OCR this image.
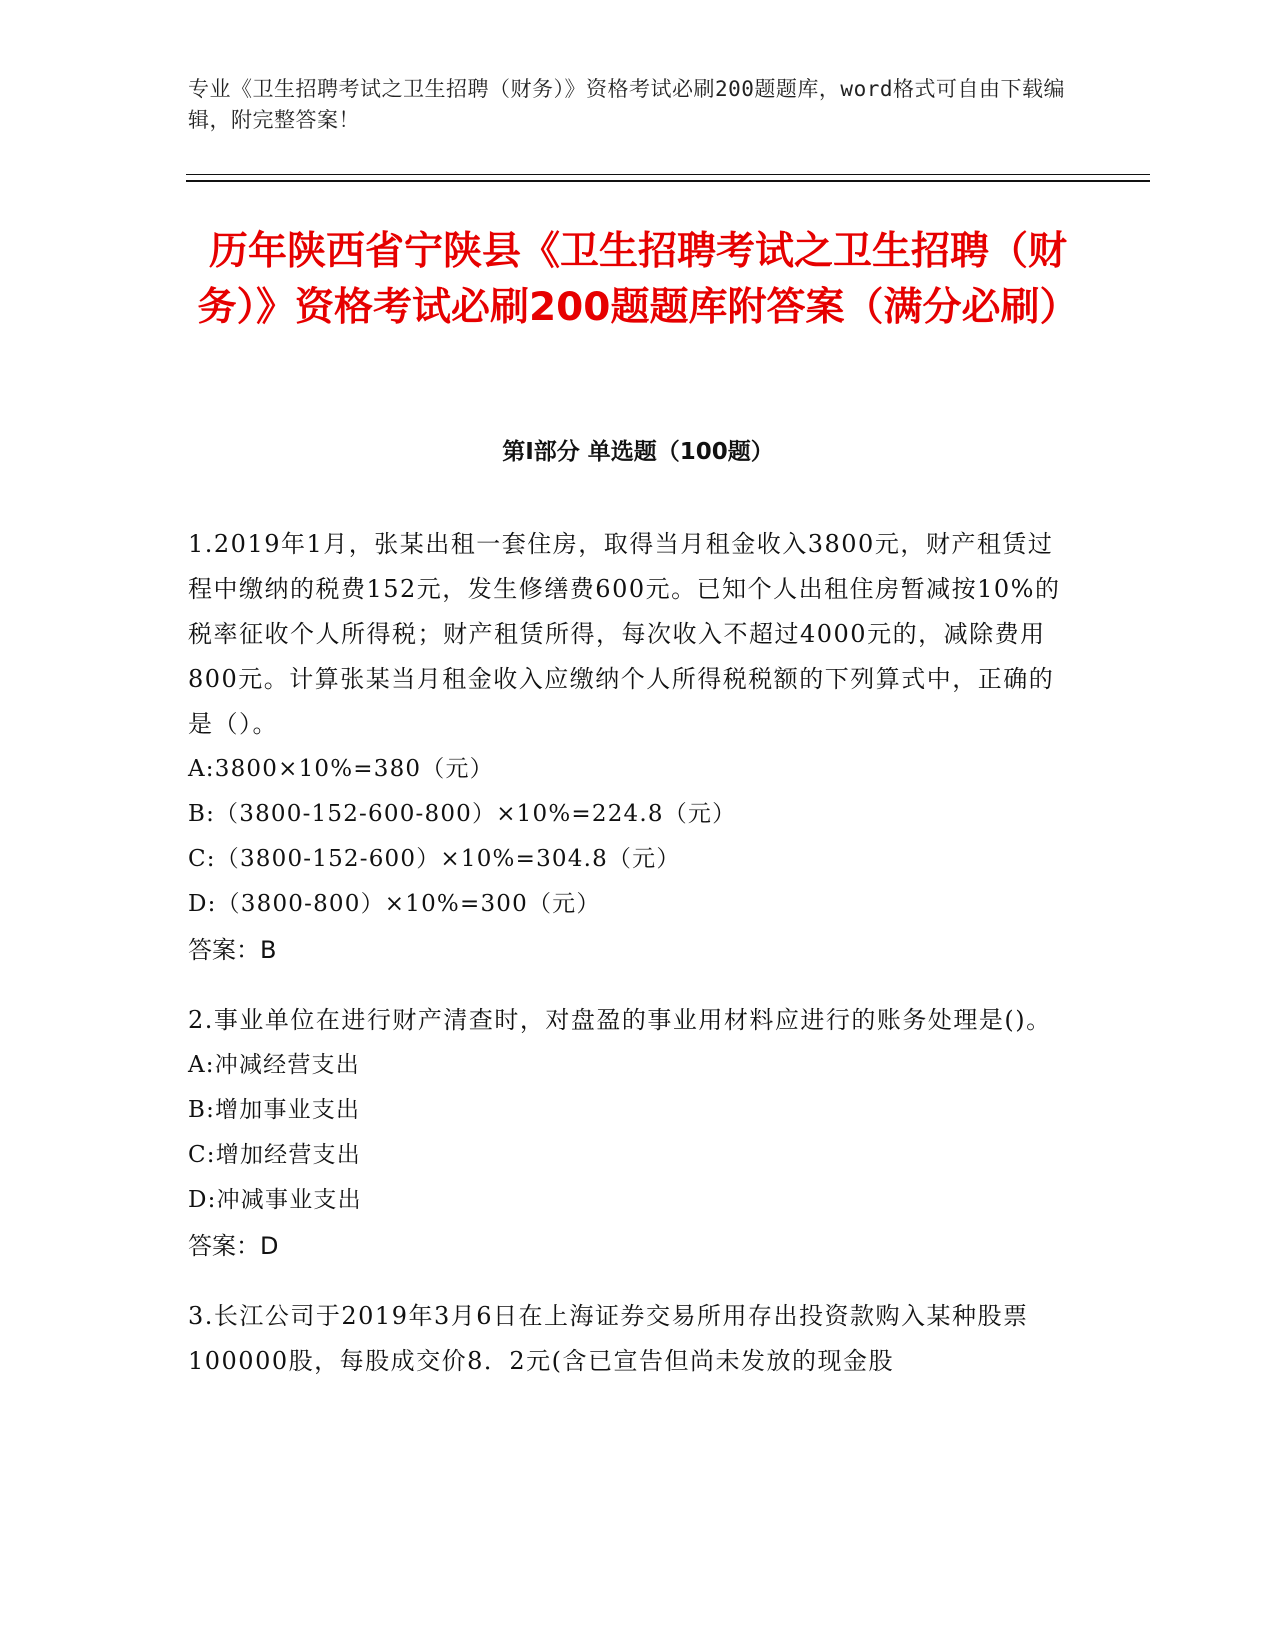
专业《卫生招聘考试之卫生招聘（财务）》资格考试必刷200题题库，word格式可自由下载编辑，附完整答案！
历年陕西省宁陕县《卫生招聘考试之卫生招聘（财务）》资格考试必刷200题题库附答案（满分必刷）
第I部分 单选题（100题）

1.2019年1月，张某出租一套住房，取得当月租金收入3800元，财产租赁过程中缴纳的税费152元，发生修缮费600元。已知个人出租住房暂减按10%的税率征收个人所得税；财产租赁所得，每次收入不超过4000元的，减除费用800元。计算张某当月租金收入应缴纳个人所得税税额的下列算式中，正确的是（）。

A:3800×10%=380（元）

B:（3800-152-600-800）×10%=224.8（元）

C:（3800-152-600）×10%=304.8（元）

D:（3800-800）×10%=300（元）

答案：B

2.事业单位在进行财产清查时，对盘盈的事业用材料应进行的账务处理是()。

A:冲减经营支出

B:增加事业支出

C:增加经营支出

D:冲减事业支出

答案：D

3.长江公司于2019年3月6日在上海证券交易所用存出投资款购入某种股票100000股，每股成交价8．2元(含已宣告但尚未发放的现金股
